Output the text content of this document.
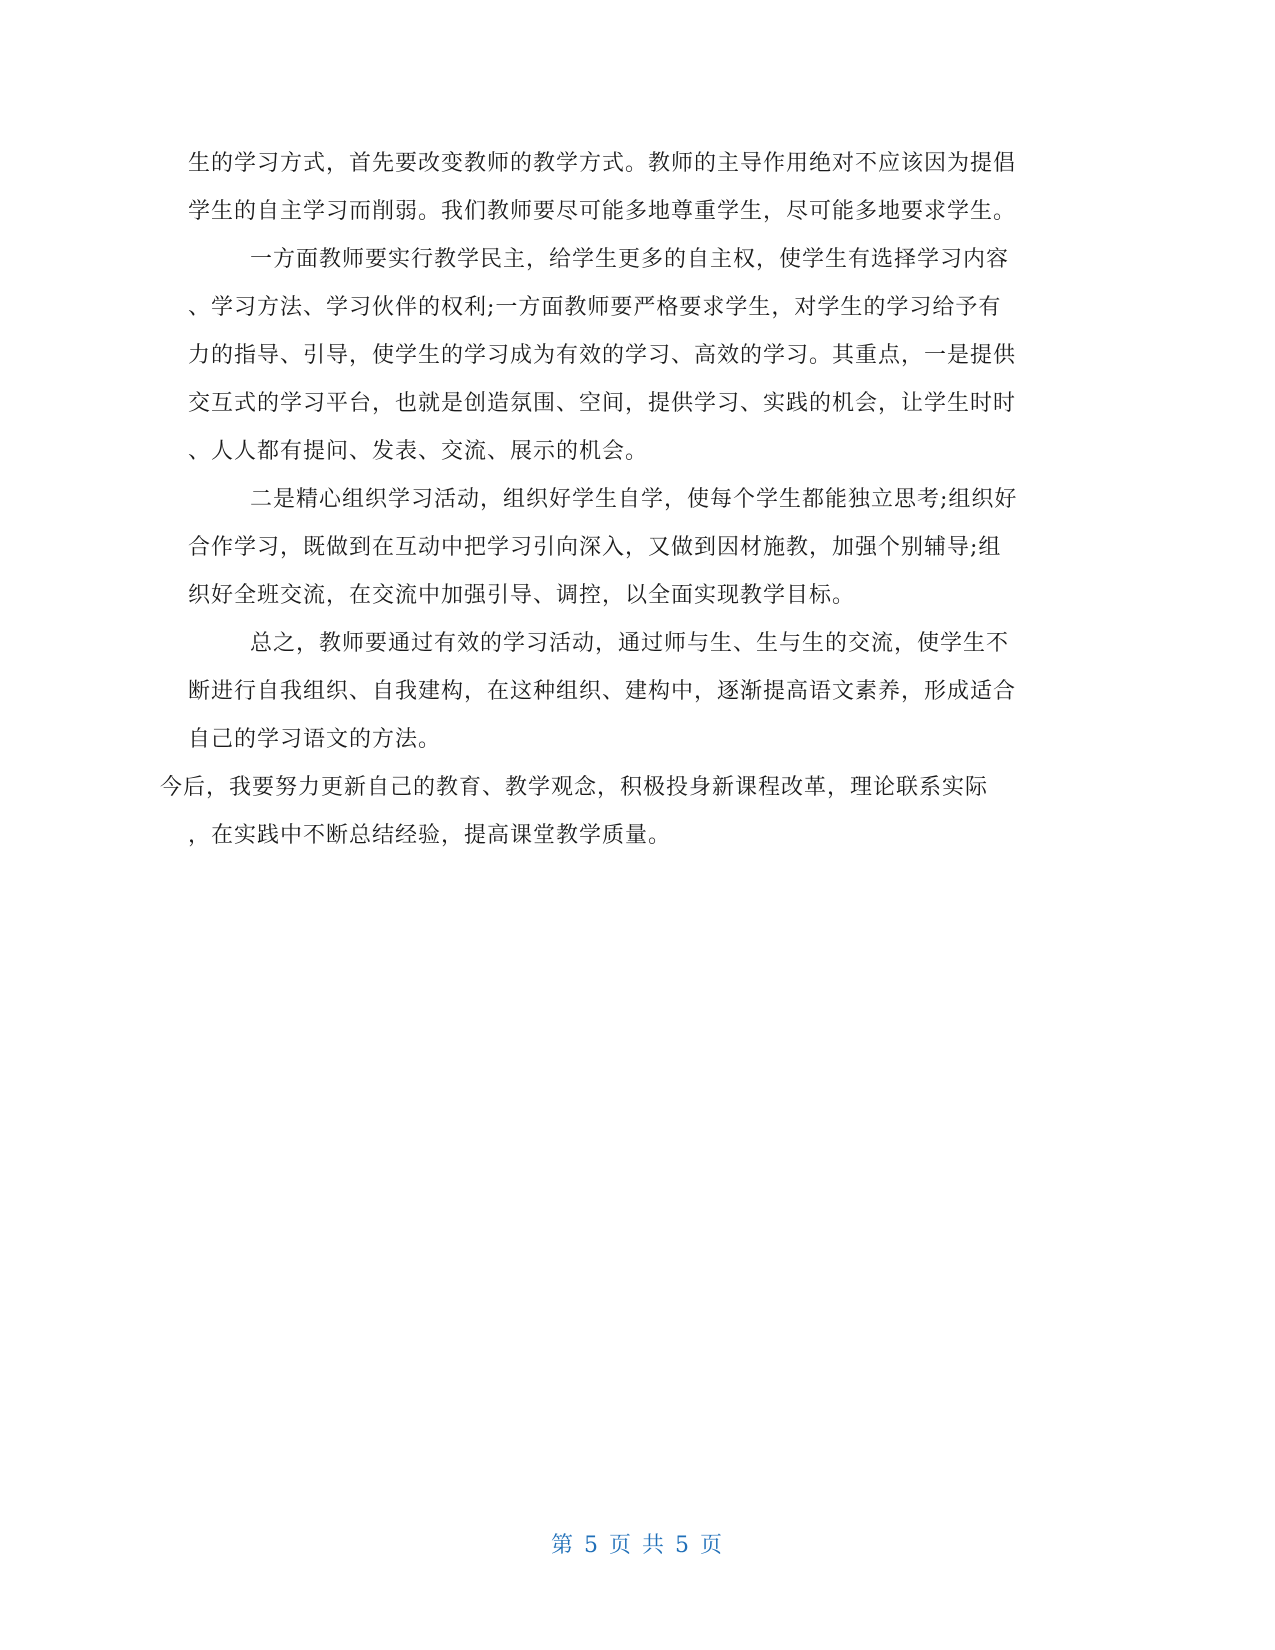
生的学习方式，首先要改变教师的教学方式。教师的主导作用绝对不应该因为提倡
学生的自主学习而削弱。我们教师要尽可能多地尊重学生，尽可能多地要求学生。
一方面教师要实行教学民主，给学生更多的自主权，使学生有选择学习内容
、学习方法、学习伙伴的权利;一方面教师要严格要求学生，对学生的学习给予有
力的指导、引导，使学生的学习成为有效的学习、高效的学习。其重点，一是提供
交互式的学习平台，也就是创造氛围、空间，提供学习、实践的机会，让学生时时
、人人都有提问、发表、交流、展示的机会。
二是精心组织学习活动，组织好学生自学，使每个学生都能独立思考;组织好
合作学习，既做到在互动中把学习引向深入，又做到因材施教，加强个别辅导;组
织好全班交流，在交流中加强引导、调控，以全面实现教学目标。
总之，教师要通过有效的学习活动，通过师与生、生与生的交流，使学生不
断进行自我组织、自我建构，在这种组织、建构中，逐渐提高语文素养，形成适合
自己的学习语文的方法。
今后，我要努力更新自己的教育、教学观念，积极投身新课程改革，理论联系实际
，在实践中不断总结经验，提高课堂教学质量。
第 5 页 共 5 页
